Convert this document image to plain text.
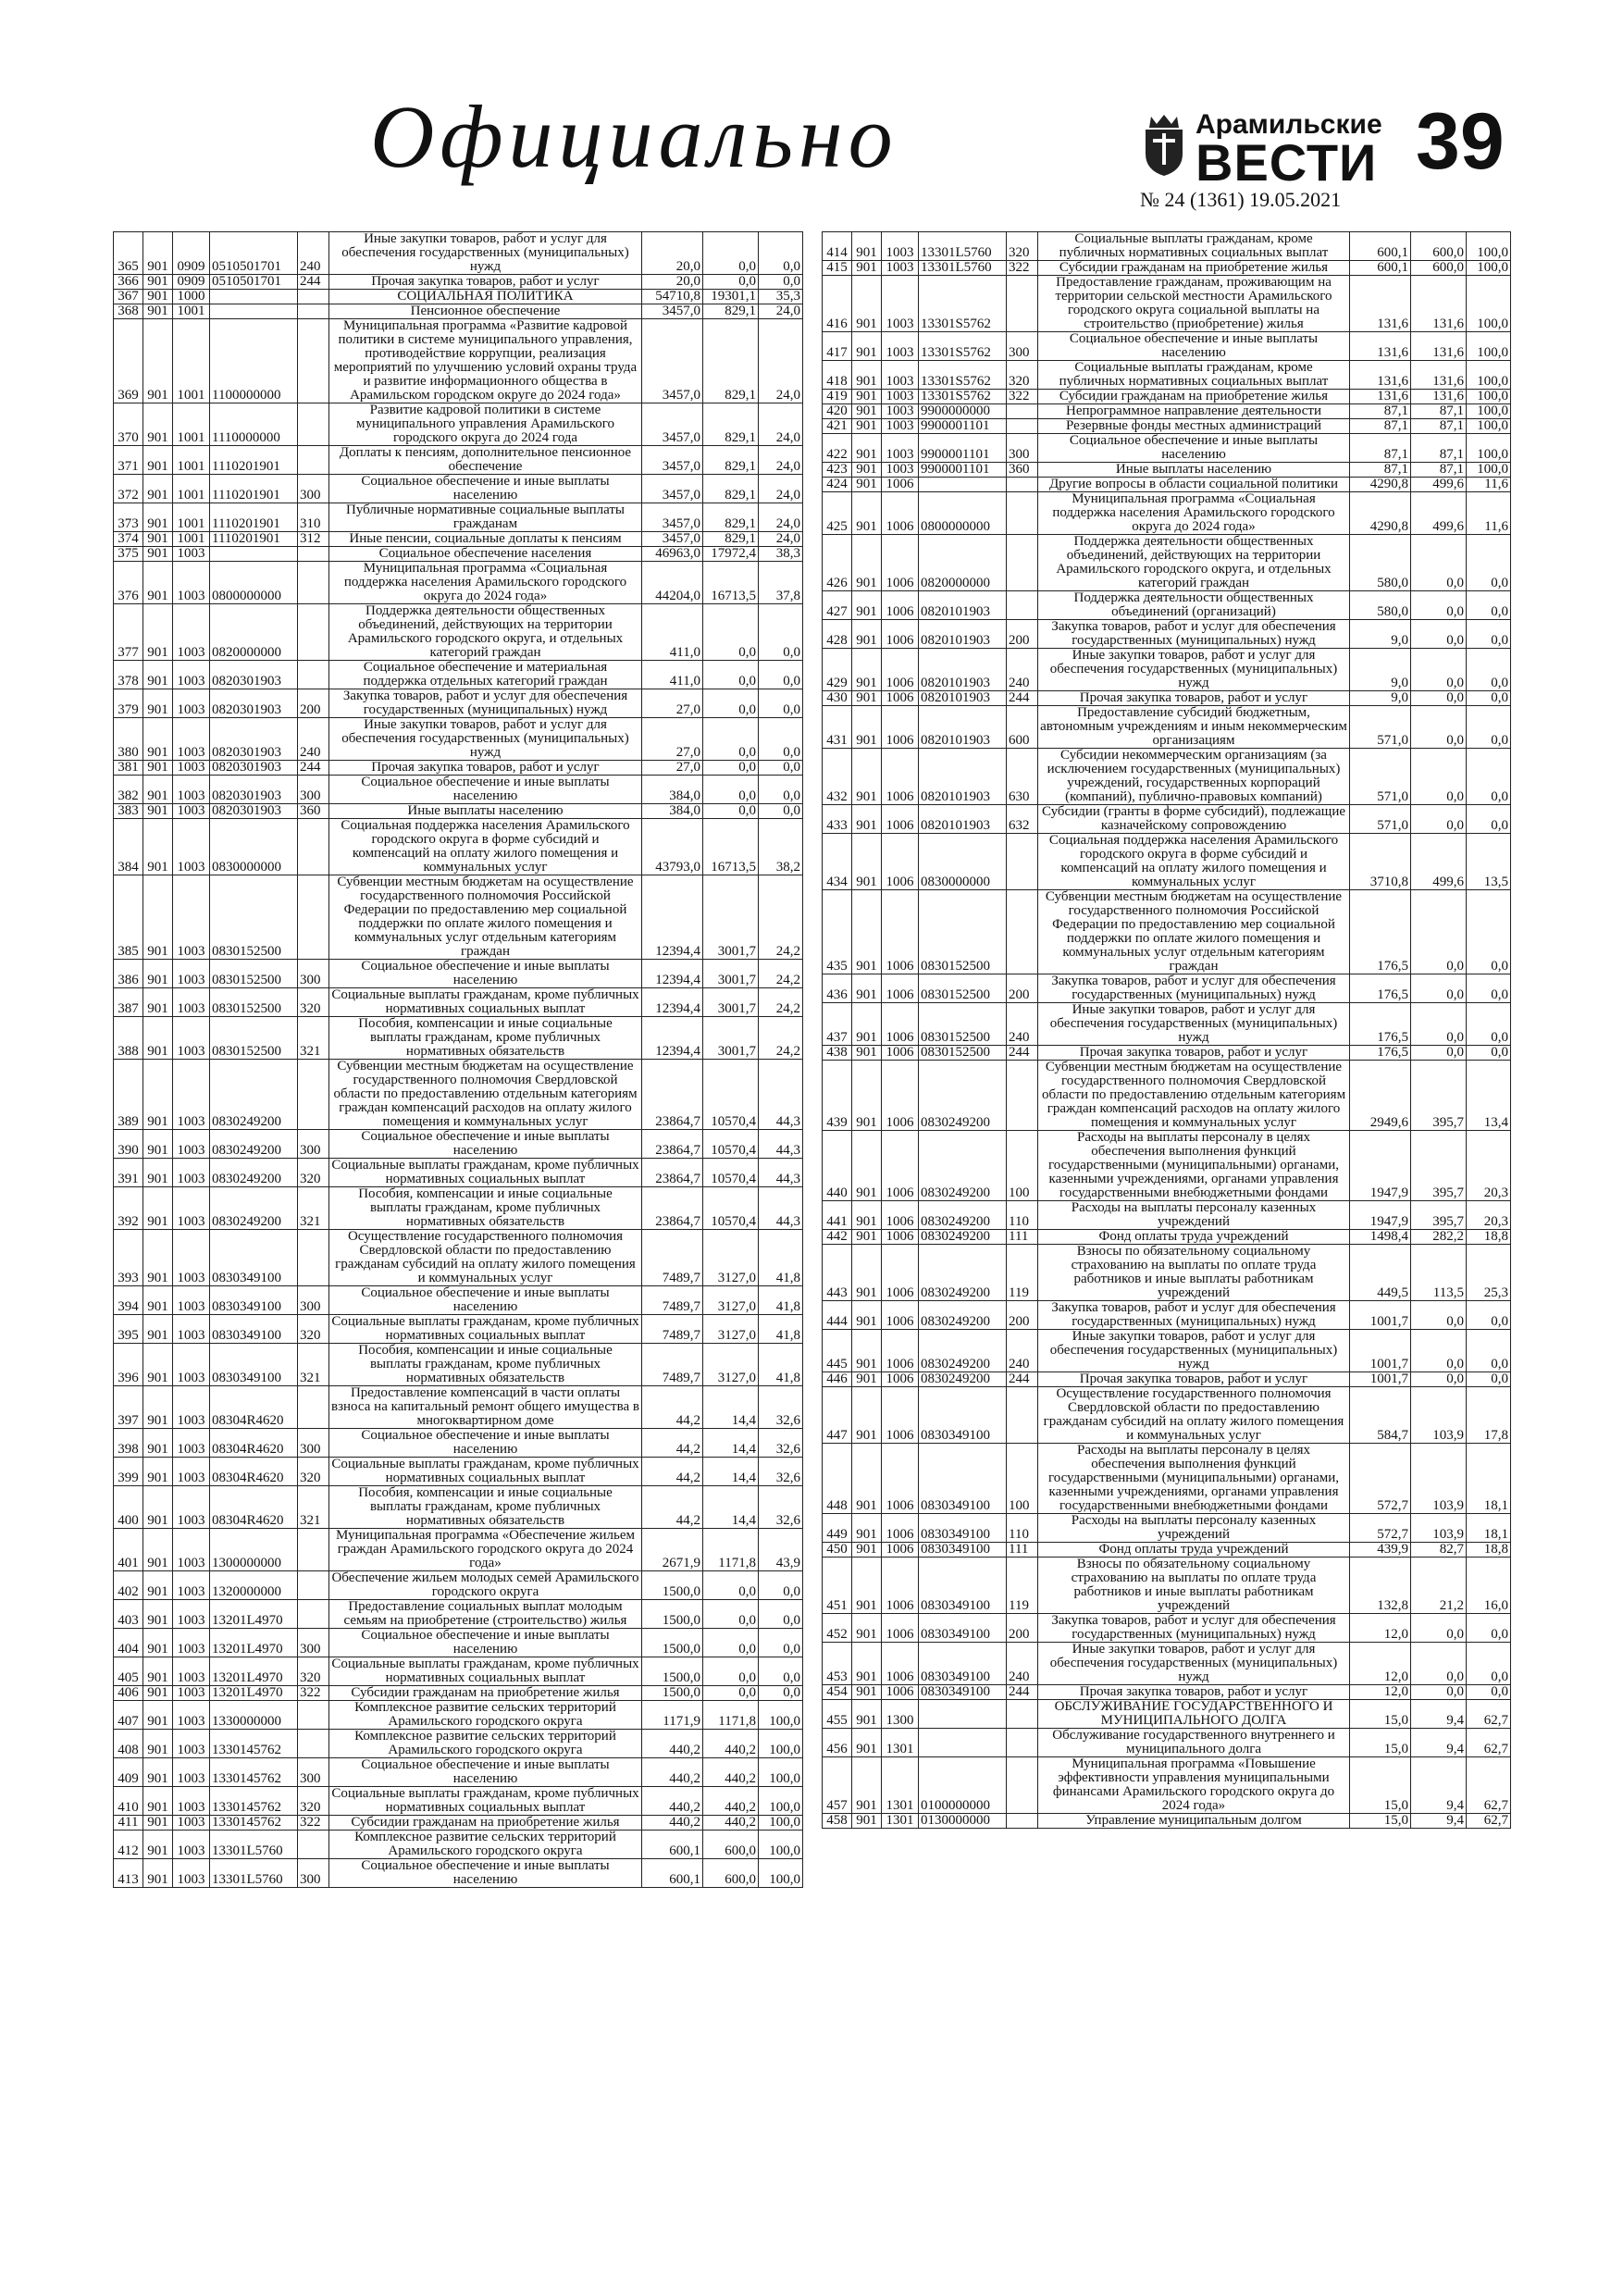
Официально	Арамильские
ВЕСТИ 39
№ 24 (1361) 19.05.2021
365	901	0909	0510501701	240	Иные закупки товаров, работ и услуг для обеспечения государственных (муниципальных) нужд	20,0	0,0	0,0
366	901	0909	0510501701	244	Прочая закупка товаров, работ и услуг	20,0	0,0	0,0
367	901	1000			СОЦИАЛЬНАЯ ПОЛИТИКА	54710,8	19301,1	35,3
368	901	1001			Пенсионное обеспечение	3457,0	829,1	24,0
369	901	1001	1100000000		Муниципальная программа «Развитие кадровой политики в системе муниципального управления, противодействие коррупции, реализация мероприятий по улучшению условий охраны труда и развитие информационного общества в Арамильском городском округе до 2024 года»	3457,0	829,1	24,0
370	901	1001	1110000000		Развитие кадровой политики в системе муниципального управления Арамильского городского округа до 2024 года	3457,0	829,1	24,0
371	901	1001	1110201901		Доплаты к пенсиям, дополнительное пенсионное обеспечение	3457,0	829,1	24,0
372	901	1001	1110201901	300	Социальное обеспечение и иные выплаты населению	3457,0	829,1	24,0
373	901	1001	1110201901	310	Публичные нормативные социальные выплаты гражданам	3457,0	829,1	24,0
374	901	1001	1110201901	312	Иные пенсии, социальные доплаты к пенсиям	3457,0	829,1	24,0
375	901	1003			Социальное обеспечение населения	46963,0	17972,4	38,3
376	901	1003	0800000000		Муниципальная программа «Социальная поддержка населения Арамильского городского округа до 2024 года»	44204,0	16713,5	37,8
377	901	1003	0820000000		Поддержка деятельности общественных объединений, действующих на территории Арамильского городского округа, и отдельных категорий граждан	411,0	0,0	0,0
378	901	1003	0820301903		Социальное обеспечение и материальная поддержка отдельных категорий граждан	411,0	0,0	0,0
379	901	1003	0820301903	200	Закупка товаров, работ и услуг для обеспечения государственных (муниципальных) нужд	27,0	0,0	0,0
380	901	1003	0820301903	240	Иные закупки товаров, работ и услуг для обеспечения государственных (муниципальных) нужд	27,0	0,0	0,0
381	901	1003	0820301903	244	Прочая закупка товаров, работ и услуг	27,0	0,0	0,0
382	901	1003	0820301903	300	Социальное обеспечение и иные выплаты населению	384,0	0,0	0,0
383	901	1003	0820301903	360	Иные выплаты населению	384,0	0,0	0,0
384	901	1003	0830000000		Социальная поддержка населения Арамильского городского округа в форме субсидий и компенсаций на оплату жилого помещения и коммунальных услуг	43793,0	16713,5	38,2
385	901	1003	0830152500		Субвенции местным бюджетам на осуществление государственного полномочия Российской Федерации по предоставлению мер социальной поддержки по оплате жилого помещения и коммунальных услуг отдельным категориям граждан	12394,4	3001,7	24,2
386	901	1003	0830152500	300	Социальное обеспечение и иные выплаты населению	12394,4	3001,7	24,2
387	901	1003	0830152500	320	Социальные выплаты гражданам, кроме публичных нормативных социальных выплат	12394,4	3001,7	24,2
388	901	1003	0830152500	321	Пособия, компенсации и иные социальные выплаты гражданам, кроме публичных нормативных обязательств	12394,4	3001,7	24,2
389	901	1003	0830249200		Субвенции местным бюджетам на осуществление государственного полномочия Свердловской области по предоставлению отдельным категориям граждан компенсаций расходов на оплату жилого помещения и коммунальных услуг	23864,7	10570,4	44,3
390	901	1003	0830249200	300	Социальное обеспечение и иные выплаты населению	23864,7	10570,4	44,3
391	901	1003	0830249200	320	Социальные выплаты гражданам, кроме публичных нормативных социальных выплат	23864,7	10570,4	44,3
392	901	1003	0830249200	321	Пособия, компенсации и иные социальные выплаты гражданам, кроме публичных нормативных обязательств	23864,7	10570,4	44,3
393	901	1003	0830349100		Осуществление государственного полномочия Свердловской области по предоставлению гражданам субсидий на оплату жилого помещения и коммунальных услуг	7489,7	3127,0	41,8
394	901	1003	0830349100	300	Социальное обеспечение и иные выплаты населению	7489,7	3127,0	41,8
395	901	1003	0830349100	320	Социальные выплаты гражданам, кроме публичных нормативных социальных выплат	7489,7	3127,0	41,8
396	901	1003	0830349100	321	Пособия, компенсации и иные социальные выплаты гражданам, кроме публичных нормативных обязательств	7489,7	3127,0	41,8
397	901	1003	08304R4620		Предоставление компенсаций в части оплаты взноса на капитальный ремонт общего имущества в многоквартирном доме	44,2	14,4	32,6
398	901	1003	08304R4620	300	Социальное обеспечение и иные выплаты населению	44,2	14,4	32,6
399	901	1003	08304R4620	320	Социальные выплаты гражданам, кроме публичных нормативных социальных выплат	44,2	14,4	32,6
400	901	1003	08304R4620	321	Пособия, компенсации и иные социальные выплаты гражданам, кроме публичных нормативных обязательств	44,2	14,4	32,6
401	901	1003	1300000000		Муниципальная программа «Обеспечение жильем граждан Арамильского городского округа до 2024 года»	2671,9	1171,8	43,9
402	901	1003	1320000000		Обеспечение жильем молодых семей Арамильского городского округа	1500,0	0,0	0,0
403	901	1003	13201L4970		Предоставление социальных выплат молодым семьям на приобретение (строительство) жилья	1500,0	0,0	0,0
404	901	1003	13201L4970	300	Социальное обеспечение и иные выплаты населению	1500,0	0,0	0,0
405	901	1003	13201L4970	320	Социальные выплаты гражданам, кроме публичных нормативных социальных выплат	1500,0	0,0	0,0
406	901	1003	13201L4970	322	Субсидии гражданам на приобретение жилья	1500,0	0,0	0,0
407	901	1003	1330000000		Комплексное развитие сельских территорий Арамильского городского округа	1171,9	1171,8	100,0
408	901	1003	1330145762		Комплексное развитие сельских территорий Арамильского городского округа	440,2	440,2	100,0
409	901	1003	1330145762	300	Социальное обеспечение и иные выплаты населению	440,2	440,2	100,0
410	901	1003	1330145762	320	Социальные выплаты гражданам, кроме публичных нормативных социальных выплат	440,2	440,2	100,0
411	901	1003	1330145762	322	Субсидии гражданам на приобретение жилья	440,2	440,2	100,0
412	901	1003	13301L5760		Комплексное развитие сельских территорий Арамильского городского округа	600,1	600,0	100,0
413	901	1003	13301L5760	300	Социальное обеспечение и иные выплаты населению	600,1	600,0	100,0
414	901	1003	13301L5760	320	Социальные выплаты гражданам, кроме публичных нормативных социальных выплат	600,1	600,0	100,0
415	901	1003	13301L5760	322	Субсидии гражданам на приобретение жилья	600,1	600,0	100,0
416	901	1003	13301S5762		Предоставление гражданам, проживающим на территории сельской местности Арамильского городского округа социальной выплаты на строительство (приобретение) жилья	131,6	131,6	100,0
417	901	1003	13301S5762	300	Социальное обеспечение и иные выплаты населению	131,6	131,6	100,0
418	901	1003	13301S5762	320	Социальные выплаты гражданам, кроме публичных нормативных социальных выплат	131,6	131,6	100,0
419	901	1003	13301S5762	322	Субсидии гражданам на приобретение жилья	131,6	131,6	100,0
420	901	1003	9900000000		Непрограммное направление деятельности	87,1	87,1	100,0
421	901	1003	9900001101		Резервные фонды местных администраций	87,1	87,1	100,0
422	901	1003	9900001101	300	Социальное обеспечение и иные выплаты населению	87,1	87,1	100,0
423	901	1003	9900001101	360	Иные выплаты населению	87,1	87,1	100,0
424	901	1006			Другие вопросы в области социальной политики	4290,8	499,6	11,6
425	901	1006	0800000000		Муниципальная программа «Социальная поддержка населения Арамильского городского округа до 2024 года»	4290,8	499,6	11,6
426	901	1006	0820000000		Поддержка деятельности общественных объединений, действующих на территории Арамильского городского округа, и отдельных категорий граждан	580,0	0,0	0,0
427	901	1006	0820101903		Поддержка деятельности общественных объединений (организаций)	580,0	0,0	0,0
428	901	1006	0820101903	200	Закупка товаров, работ и услуг для обеспечения государственных (муниципальных) нужд	9,0	0,0	0,0
429	901	1006	0820101903	240	Иные закупки товаров, работ и услуг для обеспечения государственных (муниципальных) нужд	9,0	0,0	0,0
430	901	1006	0820101903	244	Прочая закупка товаров, работ и услуг	9,0	0,0	0,0
431	901	1006	0820101903	600	Предоставление субсидий бюджетным, автономным учреждениям и иным некоммерческим организациям	571,0	0,0	0,0
432	901	1006	0820101903	630	Субсидии некоммерческим организациям (за исключением государственных (муниципальных) учреждений, государственных корпораций (компаний), публично-правовых компаний)	571,0	0,0	0,0
433	901	1006	0820101903	632	Субсидии (гранты в форме субсидий), подлежащие казначейскому сопровождению	571,0	0,0	0,0
434	901	1006	0830000000		Социальная поддержка населения Арамильского городского округа в форме субсидий и компенсаций на оплату жилого помещения и коммунальных услуг	3710,8	499,6	13,5
435	901	1006	0830152500		Субвенции местным бюджетам на осуществление государственного полномочия Российской Федерации по предоставлению мер социальной поддержки по оплате жилого помещения и коммунальных услуг отдельным категориям граждан	176,5	0,0	0,0
436	901	1006	0830152500	200	Закупка товаров, работ и услуг для обеспечения государственных (муниципальных) нужд	176,5	0,0	0,0
437	901	1006	0830152500	240	Иные закупки товаров, работ и услуг для обеспечения государственных (муниципальных) нужд	176,5	0,0	0,0
438	901	1006	0830152500	244	Прочая закупка товаров, работ и услуг	176,5	0,0	0,0
439	901	1006	0830249200		Субвенции местным бюджетам на осуществление государственного полномочия Свердловской области по предоставлению отдельным категориям граждан компенсаций расходов на оплату жилого помещения и коммунальных услуг	2949,6	395,7	13,4
440	901	1006	0830249200	100	Расходы на выплаты персоналу в целях обеспечения выполнения функций государственными (муниципальными) органами, казенными учреждениями, органами управления государственными внебюджетными фондами	1947,9	395,7	20,3
441	901	1006	0830249200	110	Расходы на выплаты персоналу казенных учреждений	1947,9	395,7	20,3
442	901	1006	0830249200	111	Фонд оплаты труда учреждений	1498,4	282,2	18,8
443	901	1006	0830249200	119	Взносы по обязательному социальному страхованию на выплаты по оплате труда работников и иные выплаты работникам учреждений	449,5	113,5	25,3
444	901	1006	0830249200	200	Закупка товаров, работ и услуг для обеспечения государственных (муниципальных) нужд	1001,7	0,0	0,0
445	901	1006	0830249200	240	Иные закупки товаров, работ и услуг для обеспечения государственных (муниципальных) нужд	1001,7	0,0	0,0
446	901	1006	0830249200	244	Прочая закупка товаров, работ и услуг	1001,7	0,0	0,0
447	901	1006	0830349100		Осуществление государственного полномочия Свердловской области по предоставлению гражданам субсидий на оплату жилого помещения и коммунальных услуг	584,7	103,9	17,8
448	901	1006	0830349100	100	Расходы на выплаты персоналу в целях обеспечения выполнения функций государственными (муниципальными) органами, казенными учреждениями, органами управления государственными внебюджетными фондами	572,7	103,9	18,1
449	901	1006	0830349100	110	Расходы на выплаты персоналу казенных учреждений	572,7	103,9	18,1
450	901	1006	0830349100	111	Фонд оплаты труда учреждений	439,9	82,7	18,8
451	901	1006	0830349100	119	Взносы по обязательному социальному страхованию на выплаты по оплате труда работников и иные выплаты работникам учреждений	132,8	21,2	16,0
452	901	1006	0830349100	200	Закупка товаров, работ и услуг для обеспечения государственных (муниципальных) нужд	12,0	0,0	0,0
453	901	1006	0830349100	240	Иные закупки товаров, работ и услуг для обеспечения государственных (муниципальных) нужд	12,0	0,0	0,0
454	901	1006	0830349100	244	Прочая закупка товаров, работ и услуг	12,0	0,0	0,0
455	901	1300			ОБСЛУЖИВАНИЕ ГОСУДАРСТВЕННОГО И МУНИЦИПАЛЬНОГО ДОЛГА	15,0	9,4	62,7
456	901	1301			Обслуживание государственного внутреннего и муниципального долга	15,0	9,4	62,7
457	901	1301	0100000000		Муниципальная программа «Повышение эффективности управления муниципальными финансами Арамильского городского округа до 2024 года»	15,0	9,4	62,7
458	901	1301	0130000000		Управление муниципальным долгом	15,0	9,4	62,7
